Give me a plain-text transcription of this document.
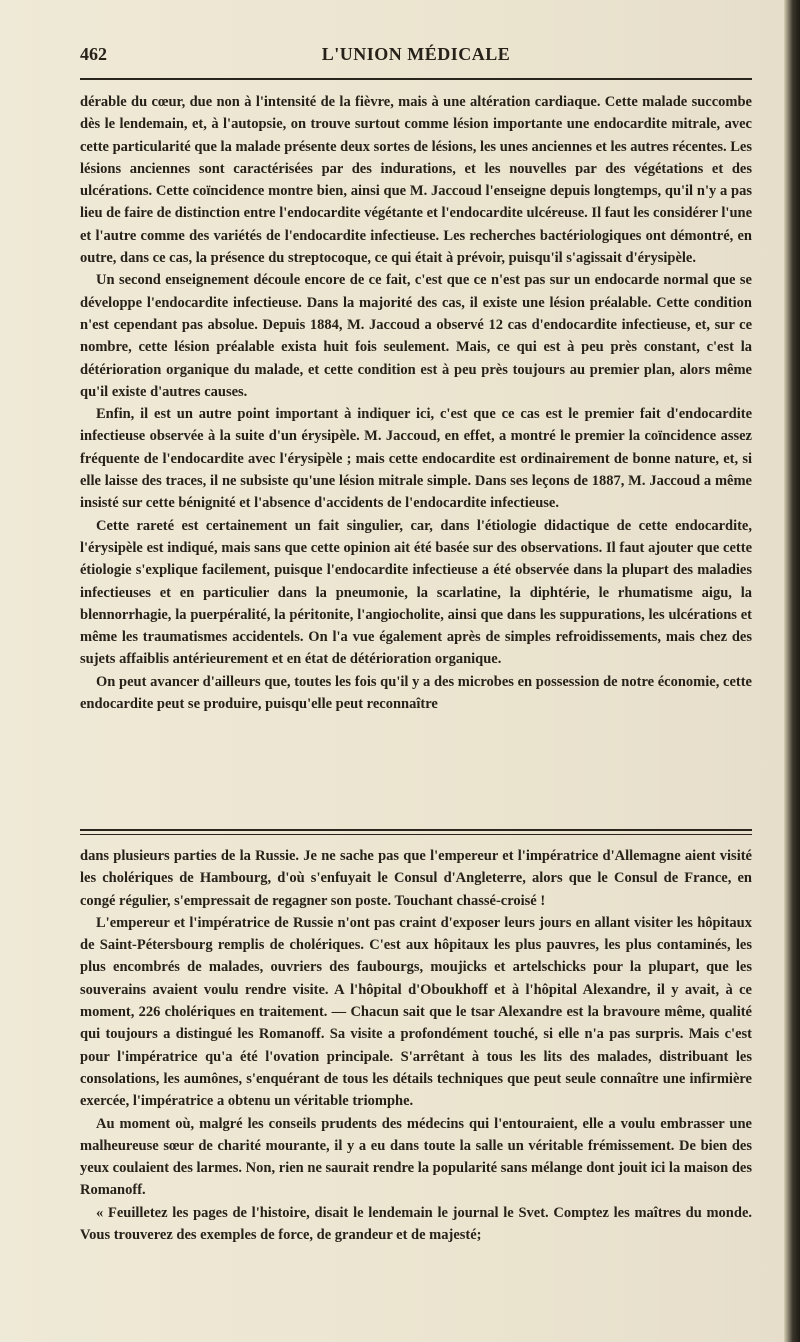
462	L'UNION MÉDICALE

dérable du cœur, due non à l'intensité de la fièvre, mais à une altération cardiaque. Cette malade succombe dès le lendemain, et, à l'autopsie, on trouve surtout comme lésion importante une endocardite mitrale, avec cette particularité que la malade présente deux sortes de lésions, les unes anciennes et les autres récentes. Les lésions anciennes sont caractérisées par des indurations, et les nouvelles par des végétations et des ulcérations. Cette coïncidence montre bien, ainsi que M. Jaccoud l'enseigne depuis longtemps, qu'il n'y a pas lieu de faire de distinction entre l'endocardite végétante et l'endocardite ulcéreuse. Il faut les considérer l'une et l'autre comme des variétés de l'endocardite infectieuse. Les recherches bactériologiques ont démontré, en outre, dans ce cas, la présence du streptocoque, ce qui était à prévoir, puisqu'il s'agissait d'érysipèle.

Un second enseignement découle encore de ce fait, c'est que ce n'est pas sur un endocarde normal que se développe l'endocardite infectieuse. Dans la majorité des cas, il existe une lésion préalable. Cette condition n'est cependant pas absolue. Depuis 1884, M. Jaccoud a observé 12 cas d'endocardite infectieuse, et, sur ce nombre, cette lésion préalable exista huit fois seulement. Mais, ce qui est à peu près constant, c'est la détérioration organique du malade, et cette condition est à peu près toujours au premier plan, alors même qu'il existe d'autres causes.

Enfin, il est un autre point important à indiquer ici, c'est que ce cas est le premier fait d'endocardite infectieuse observée à la suite d'un érysipèle. M. Jaccoud, en effet, a montré le premier la coïncidence assez fréquente de l'endocardite avec l'érysipèle ; mais cette endocardite est ordinairement de bonne nature, et, si elle laisse des traces, il ne subsiste qu'une lésion mitrale simple. Dans ses leçons de 1887, M. Jaccoud a même insisté sur cette bénignité et l'absence d'accidents de l'endocardite infectieuse.

Cette rareté est certainement un fait singulier, car, dans l'étiologie didactique de cette endocardite, l'érysipèle est indiqué, mais sans que cette opinion ait été basée sur des observations. Il faut ajouter que cette étiologie s'explique facilement, puisque l'endocardite infectieuse a été observée dans la plupart des maladies infectieuses et en particulier dans la pneumonie, la scarlatine, la diphtérie, le rhumatisme aigu, la blennorrhagie, la puerpéralité, la péritonite, l'angiocholite, ainsi que dans les suppurations, les ulcérations et même les traumatismes accidentels. On l'a vue également après de simples refroidissements, mais chez des sujets affaiblis antérieurement et en état de détérioration organique.

On peut avancer d'ailleurs que, toutes les fois qu'il y a des microbes en possession de notre économie, cette endocardite peut se produire, puisqu'elle peut reconnaître

dans plusieurs parties de la Russie. Je ne sache pas que l'empereur et l'impératrice d'Allemagne aient visité les cholériques de Hambourg, d'où s'enfuyait le Consul d'Angleterre, alors que le Consul de France, en congé régulier, s'empressait de regagner son poste. Touchant chassé-croisé !

L'empereur et l'impératrice de Russie n'ont pas craint d'exposer leurs jours en allant visiter les hôpitaux de Saint-Pétersbourg remplis de cholériques. C'est aux hôpitaux les plus pauvres, les plus contaminés, les plus encombrés de malades, ouvriers des faubourgs, moujicks et artelschicks pour la plupart, que les souverains avaient voulu rendre visite. A l'hôpital d'Oboukhoff et à l'hôpital Alexandre, il y avait, à ce moment, 226 cholériques en traitement. — Chacun sait que le tsar Alexandre est la bravoure même, qualité qui toujours a distingué les Romanoff. Sa visite a profondément touché, si elle n'a pas surpris. Mais c'est pour l'impératrice qu'a été l'ovation principale. S'arrêtant à tous les lits des malades, distribuant les consolations, les aumônes, s'enquérant de tous les détails techniques que peut seule connaître une infirmière exercée, l'impératrice a obtenu un véritable triomphe.

Au moment où, malgré les conseils prudents des médecins qui l'entouraient, elle a voulu embrasser une malheureuse sœur de charité mourante, il y a eu dans toute la salle un véritable frémissement. De bien des yeux coulaient des larmes. Non, rien ne saurait rendre la popularité sans mélange dont jouit ici la maison des Romanoff.

« Feuilletez les pages de l'histoire, disait le lendemain le journal le Svet. Comptez les maîtres du monde. Vous trouverez des exemples de force, de grandeur et de majesté;
